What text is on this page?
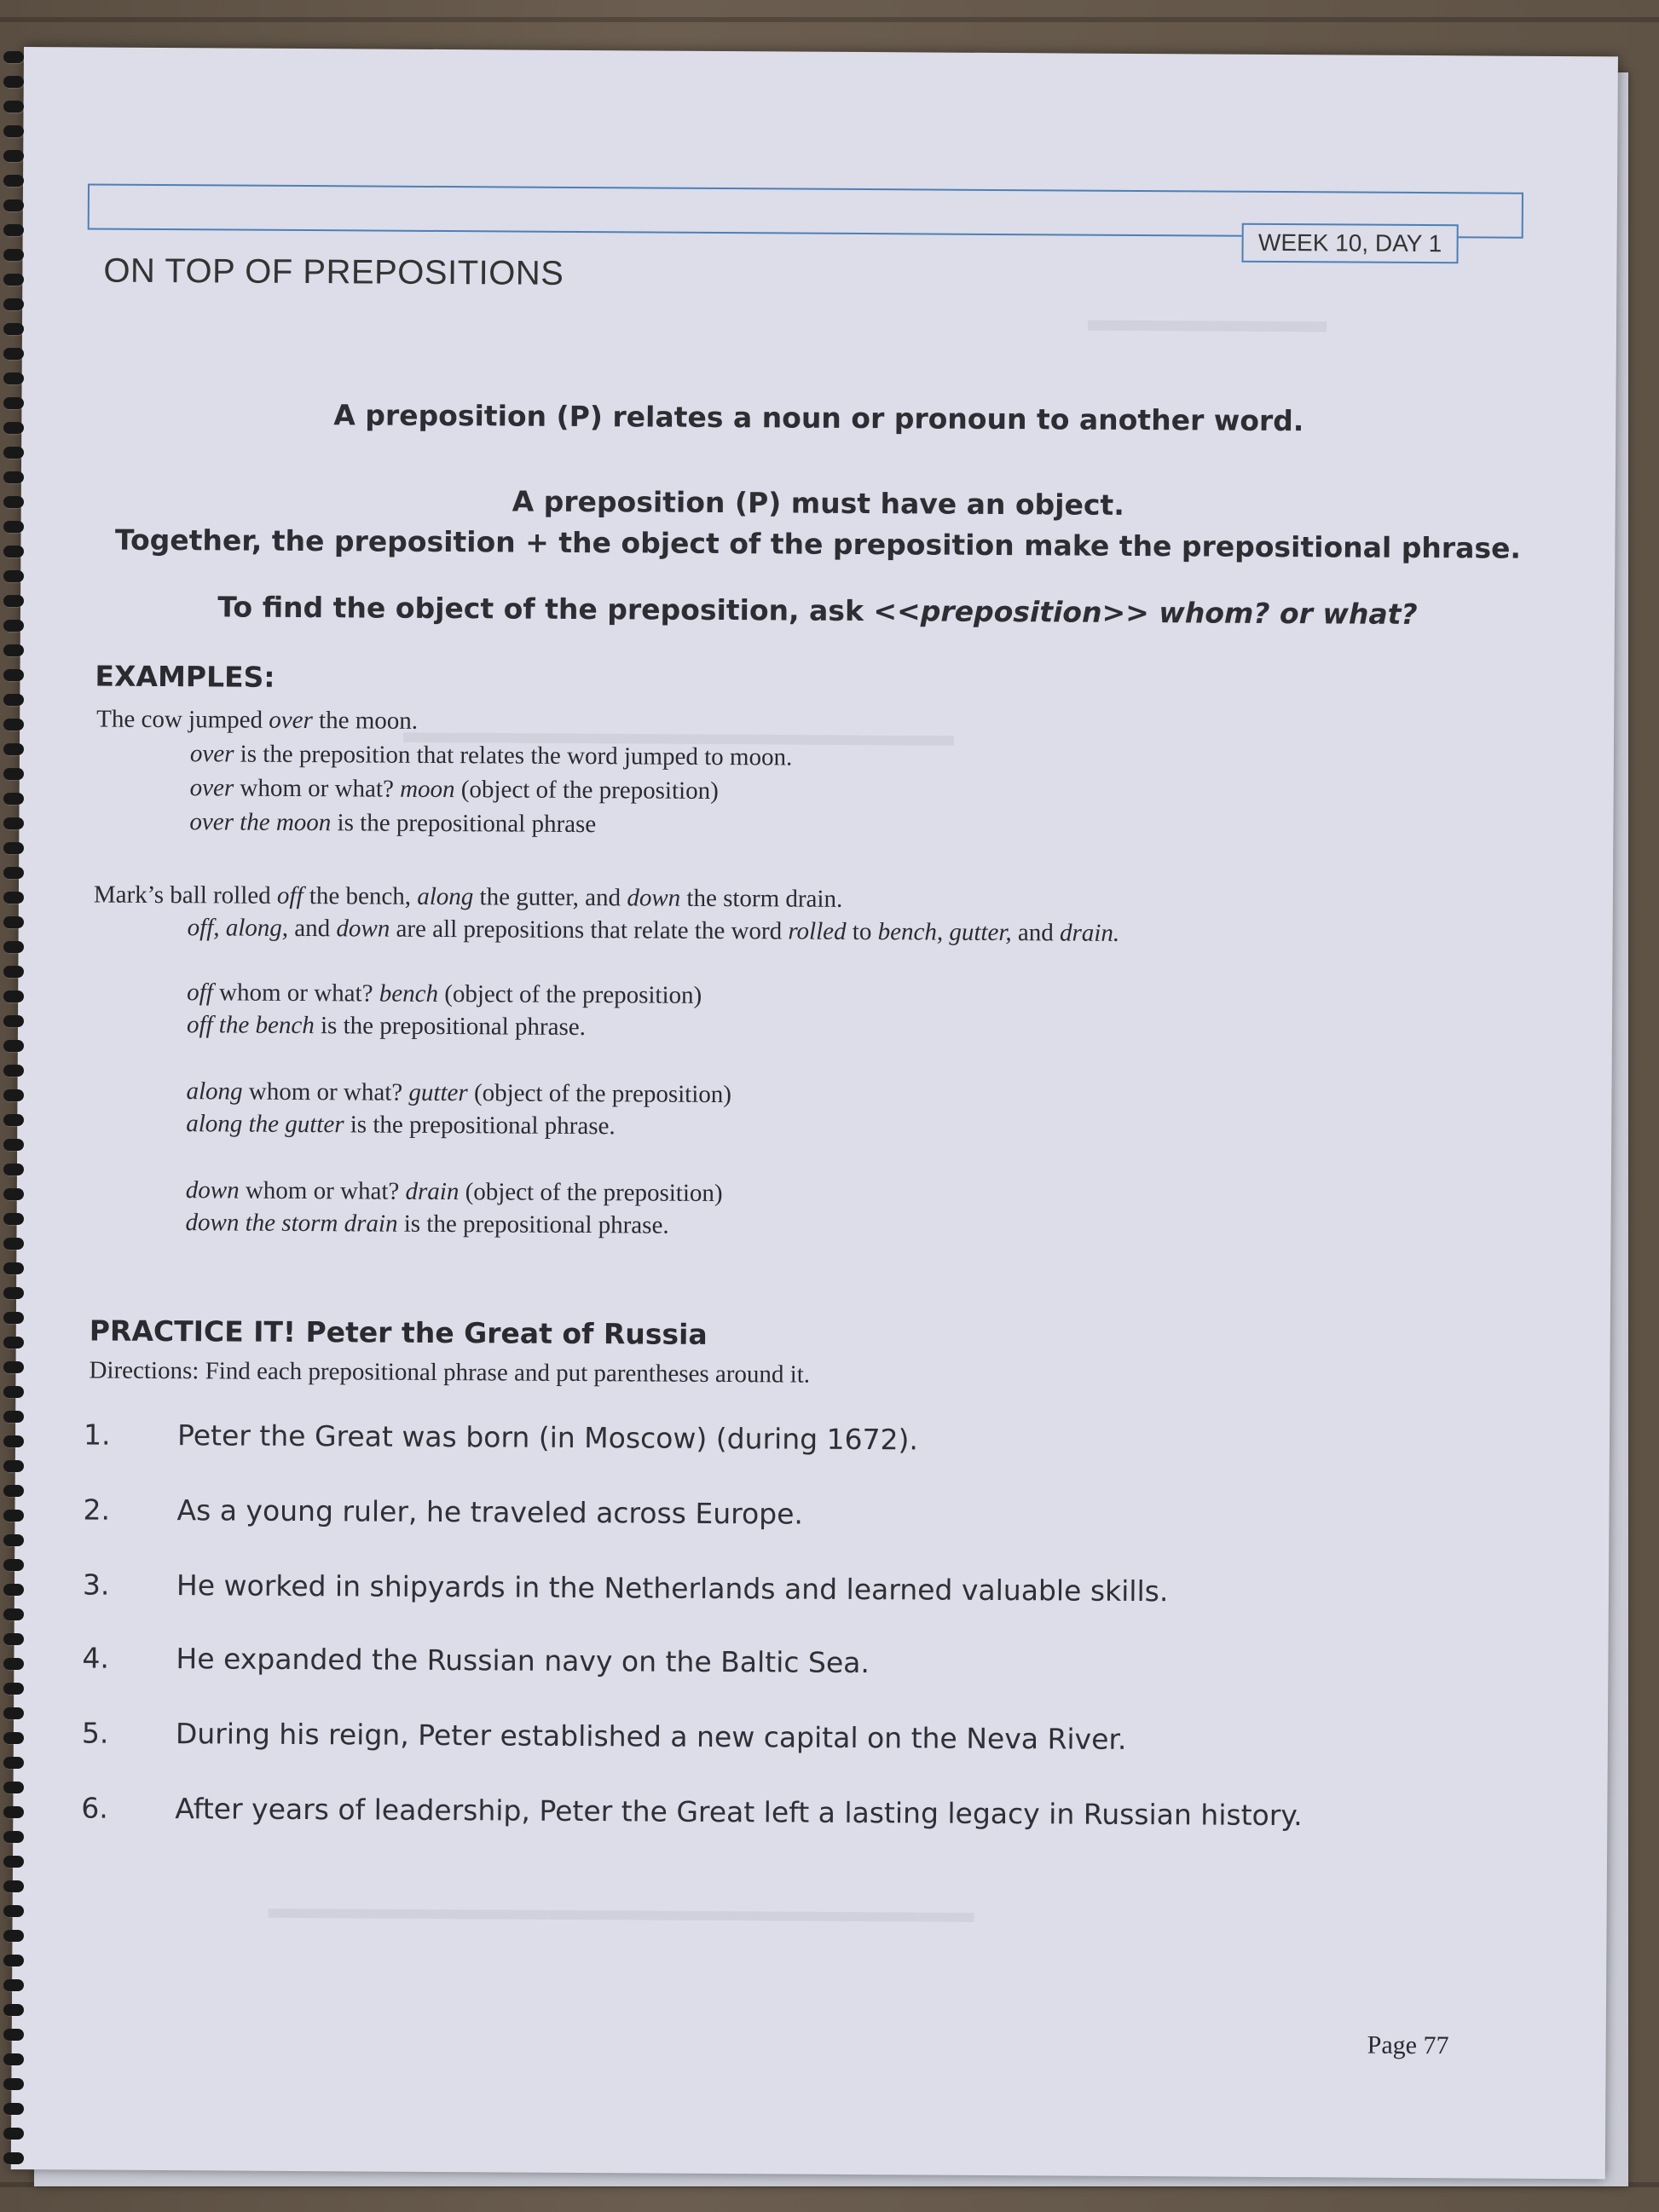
▬▬▬▬▬▬▬
▬▬▬▬▬▬▬▬▬▬▬▬▬▬▬▬▬
▬▬▬▬▬▬▬▬▬▬▬▬▬▬▬▬▬▬▬▬▬▬▬
WEEK 10, DAY 1
ON TOP OF PREPOSITIONS
A preposition (P) relates a noun or pronoun to another word.
A preposition (P) must have an object.
Together, the preposition + the object of the preposition make the prepositional phrase.
To find the object of the preposition, ask <<preposition>> whom? or what?
EXAMPLES:
The cow jumped over the moon.
over is the preposition that relates the word jumped to moon.
over whom or what? moon (object of the preposition)
over the moon is the prepositional phrase
Mark’s ball rolled off the bench, along the gutter, and down the storm drain.
off, along, and down are all prepositions that relate the word rolled to bench, gutter, and drain.
off whom or what? bench (object of the preposition)
off the bench is the prepositional phrase.
along whom or what? gutter (object of the preposition)
along the gutter is the prepositional phrase.
down whom or what? drain (object of the preposition)
down the storm drain is the prepositional phrase.
PRACTICE IT! Peter the Great of Russia
Directions: Find each prepositional phrase and put parentheses around it.
1. Peter the Great was born (in Moscow) (during 1672).
2. As a young ruler, he traveled across Europe.
3. He worked in shipyards in the Netherlands and learned valuable skills.
4. He expanded the Russian navy on the Baltic Sea.
5. During his reign, Peter established a new capital on the Neva River.
6. After years of leadership, Peter the Great left a lasting legacy in Russian history.
Page 77
